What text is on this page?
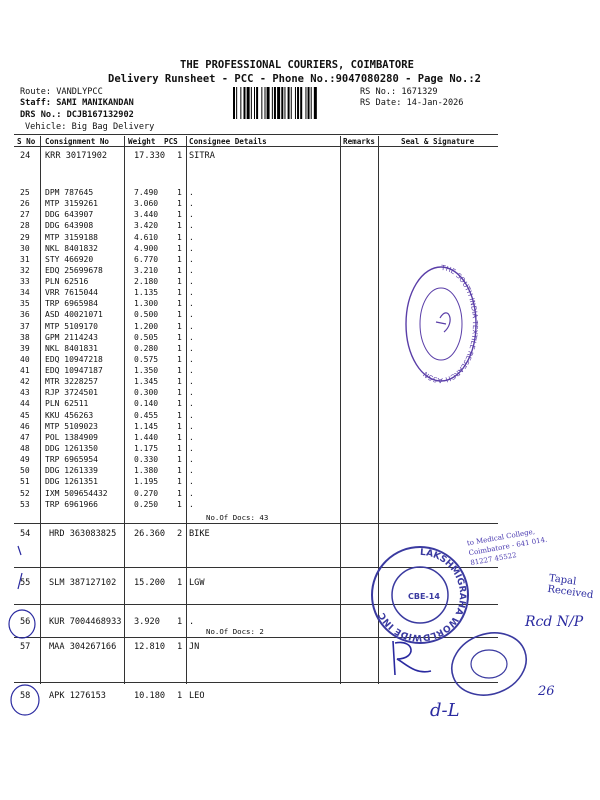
THE PROFESSIONAL COURIERS, COIMBATORE
Delivery Runsheet - PCC - Phone No.:9047080280 - Page No.:2
Route: VANDLYPCC
Staff: SAMI MANIKANDAN
DRS No.: DCJB167132902
Vehicle: Big Bag Delivery
RS No.: 1671329
RS Date: 14-Jan-2026
S No Consignment No Weight PCS Consignee Details	Remarks	Seal & Signature
24 KRR 30171902	17.330 1 SITRA
25 DPM 787645	7.490 1 .
26 MTP 3159261	3.060 1 .
27 DDG 643907	3.440 1 .
28 DDG 643908	3.420 1 .
29 MTP 3159188	4.610 1 .
30 NKL 8401832	4.900 1 .
31 STY 466920	6.770 1 .
32 EDQ 25699678	3.210 1 .
33 PLN 62516	2.180 1 .
34 VRR 7615044	1.135 1 .
35 TRP 6965984	1.300 1 .
36 ASD 40021071	0.500 1 .
37 MTP 5109170	1.200 1 .
38 GPM 2114243	0.505 1 .
39 NKL 8401831	0.280 1 .
40 EDQ 10947218	0.575 1 .
41 EDQ 10947187	1.350 1 .
42 MTR 3228257	1.345 1 .
43 RJP 3724501	0.300 1 .
44 PLN 62511	0.140 1 .
45 KKU 456263	0.455 1 .
46 MTP 5109023	1.145 1 .
47 POL 1384909	1.440 1 .
48 DDG 1261350	1.175 1 .
49 TRP 6965954	0.330 1 .
50 DDG 1261339	1.380 1 .
51 DDG 1261351	1.195 1 .
52 IXM 509654432	0.270 1 .
53 TRP 6961966	0.250 1 .
No.Of Docs: 43
54 HRD 363083825 26.360 2 BIKE
55 SLM 387127102 15.200 1 LGW
56 KUR 7004468933 3.920 1 .
No.Of Docs: 2
57 MAA 304267166 12.810 1 JN
58 APK 1276153	10.180 1 LEO
THE SOUTH INDIA TEXTILE RESEARCH ASSN
LAKSHMIGRAHA WORLDWIDE INC
CBE-14
to Medical College, Coimbatore - 641 014. 81227 45522
Tapal Received
Rcd N/P
d-L
26
